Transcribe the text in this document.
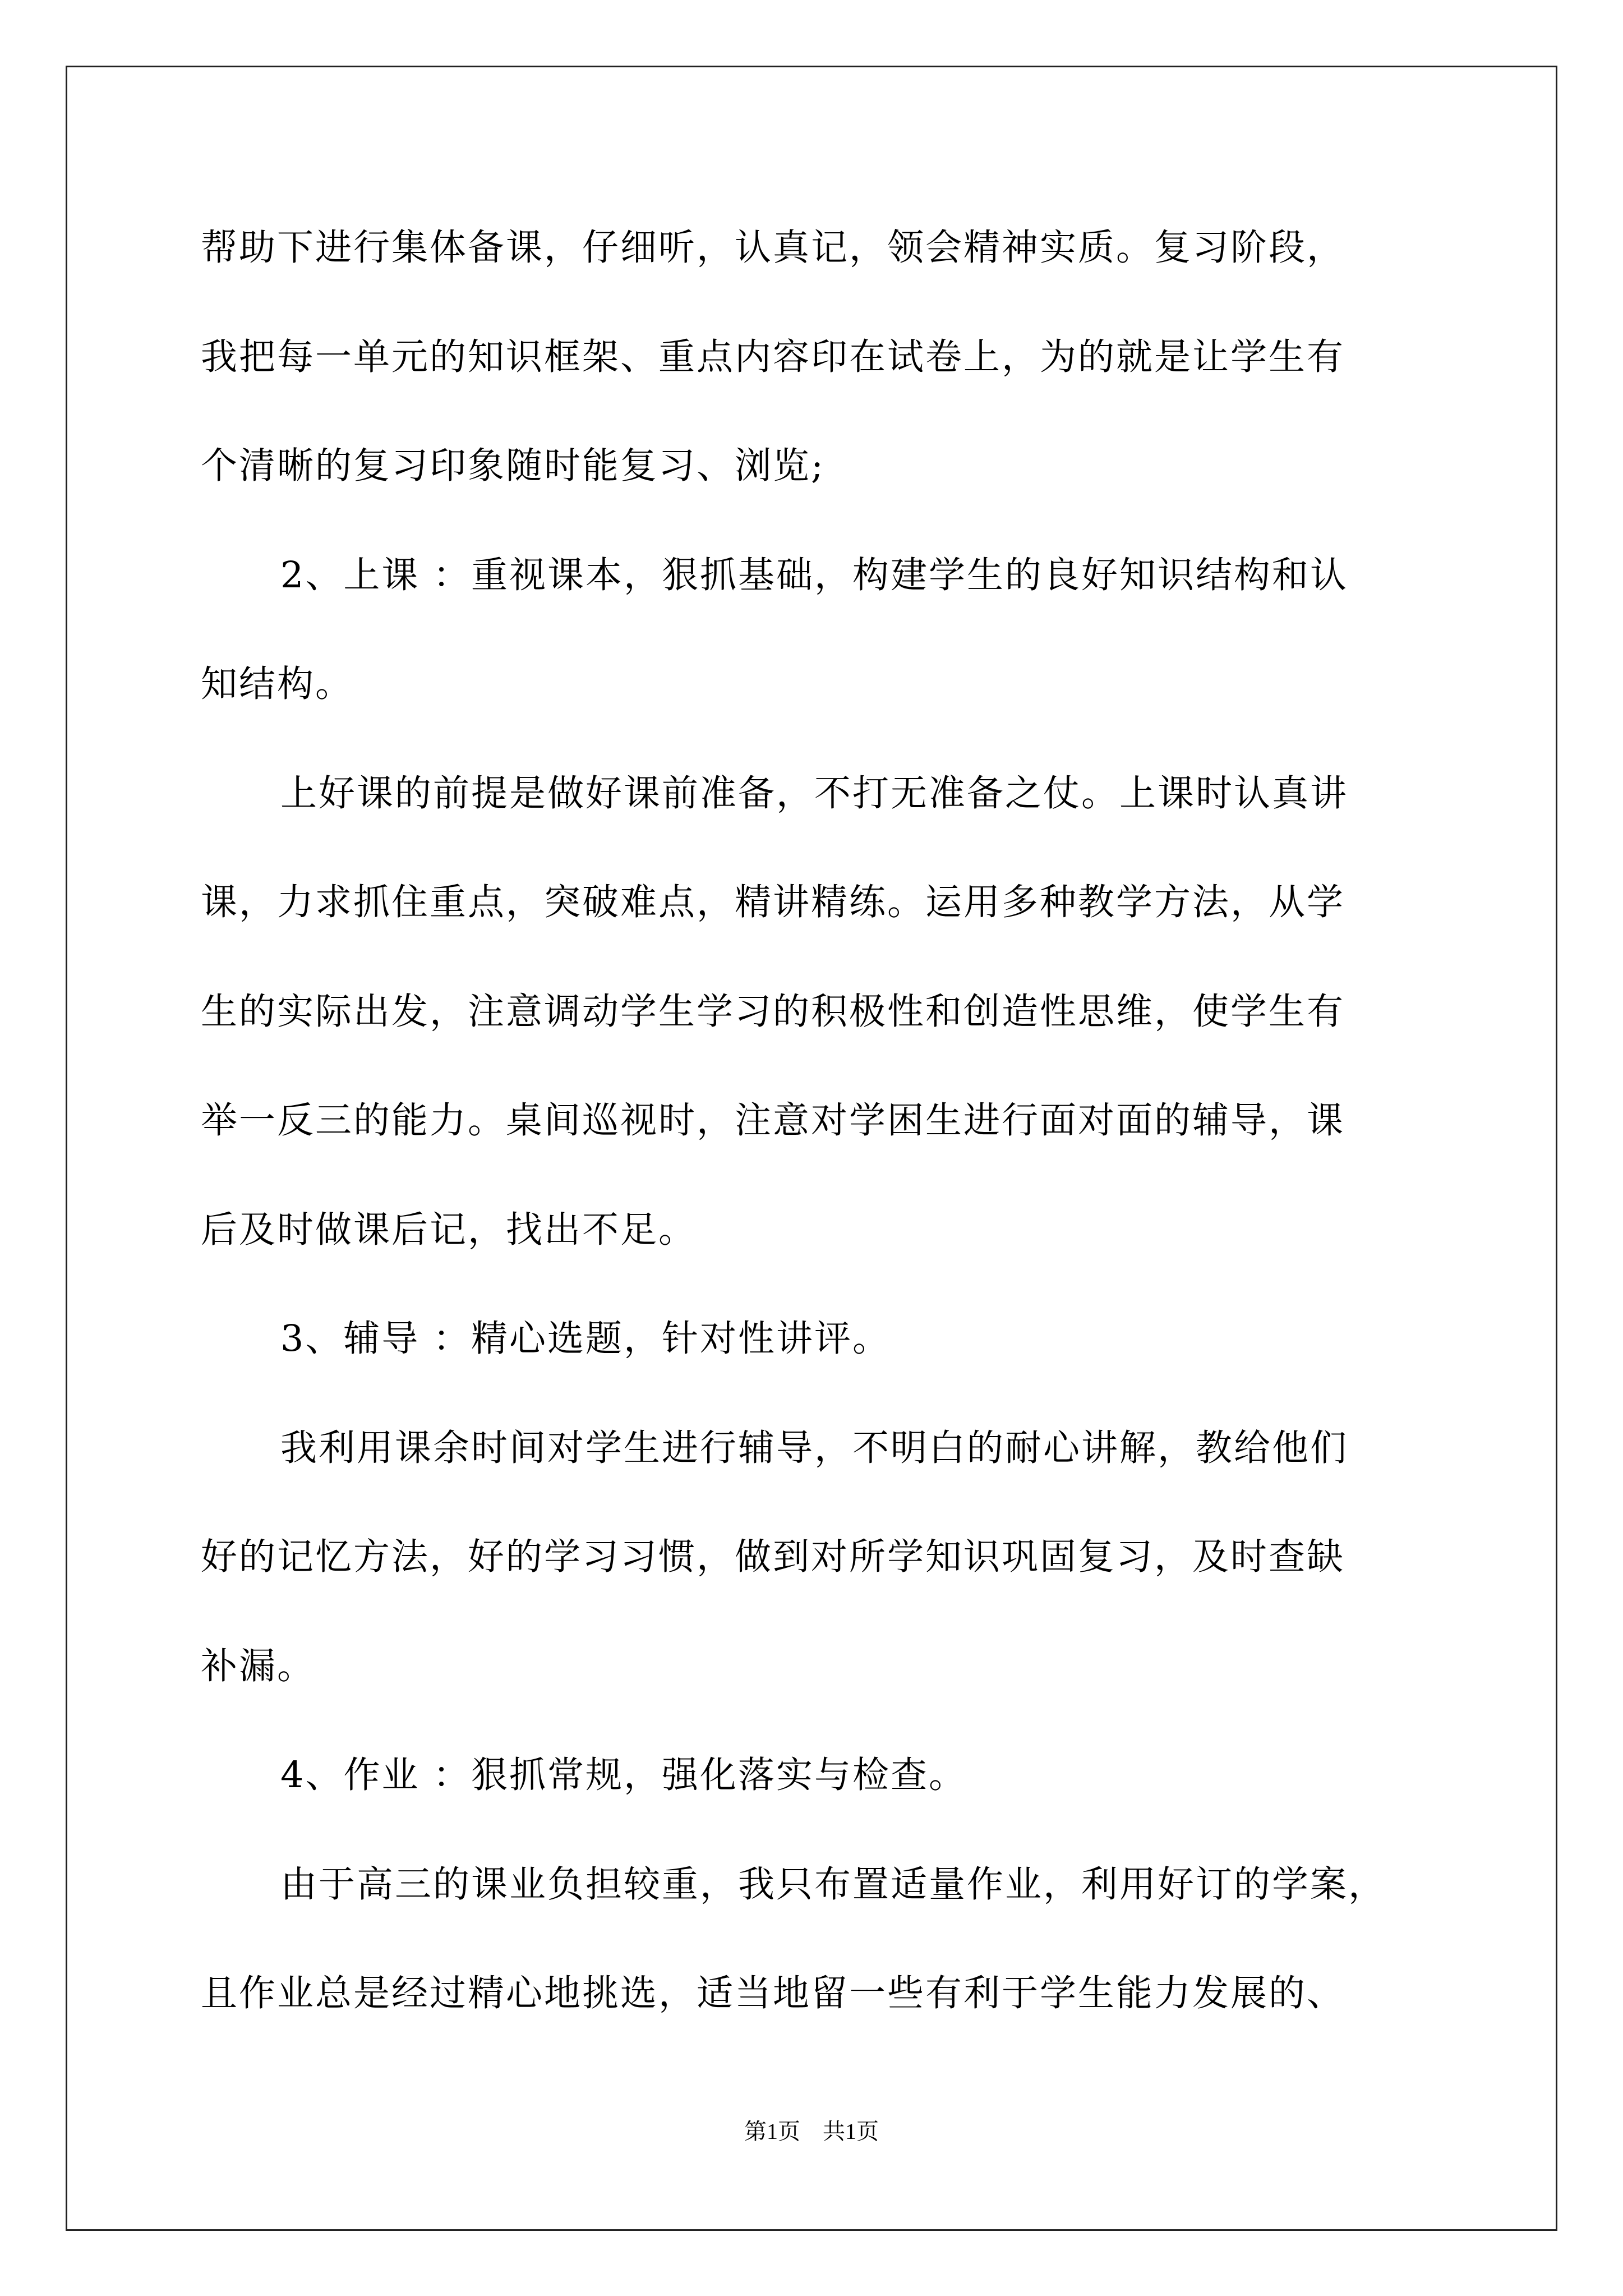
帮助下进行集体备课，仔细听，认真记，领会精神实质。复习阶段，
我把每一单元的知识框架、重点内容印在试卷上，为的就是让学生有
个清晰的复习印象随时能复习、浏览;
2、上课 ：重视课本，狠抓基础，构建学生的良好知识结构和认
知结构。
上好课的前提是做好课前准备，不打无准备之仗。上课时认真讲
课，力求抓住重点，突破难点，精讲精练。运用多种教学方法，从学
生的实际出发，注意调动学生学习的积极性和创造性思维，使学生有
举一反三的能力。桌间巡视时，注意对学困生进行面对面的辅导，课
后及时做课后记，找出不足。
3、辅导 ：精心选题，针对性讲评。
我利用课余时间对学生进行辅导，不明白的耐心讲解，教给他们
好的记忆方法，好的学习习惯，做到对所学知识巩固复习，及时查缺
补漏。
4、作业 ：狠抓常规，强化落实与检查。
由于高三的课业负担较重，我只布置适量作业，利用好订的学案，
且作业总是经过精心地挑选，适当地留一些有利于学生能力发展的、
第1页　共1页
